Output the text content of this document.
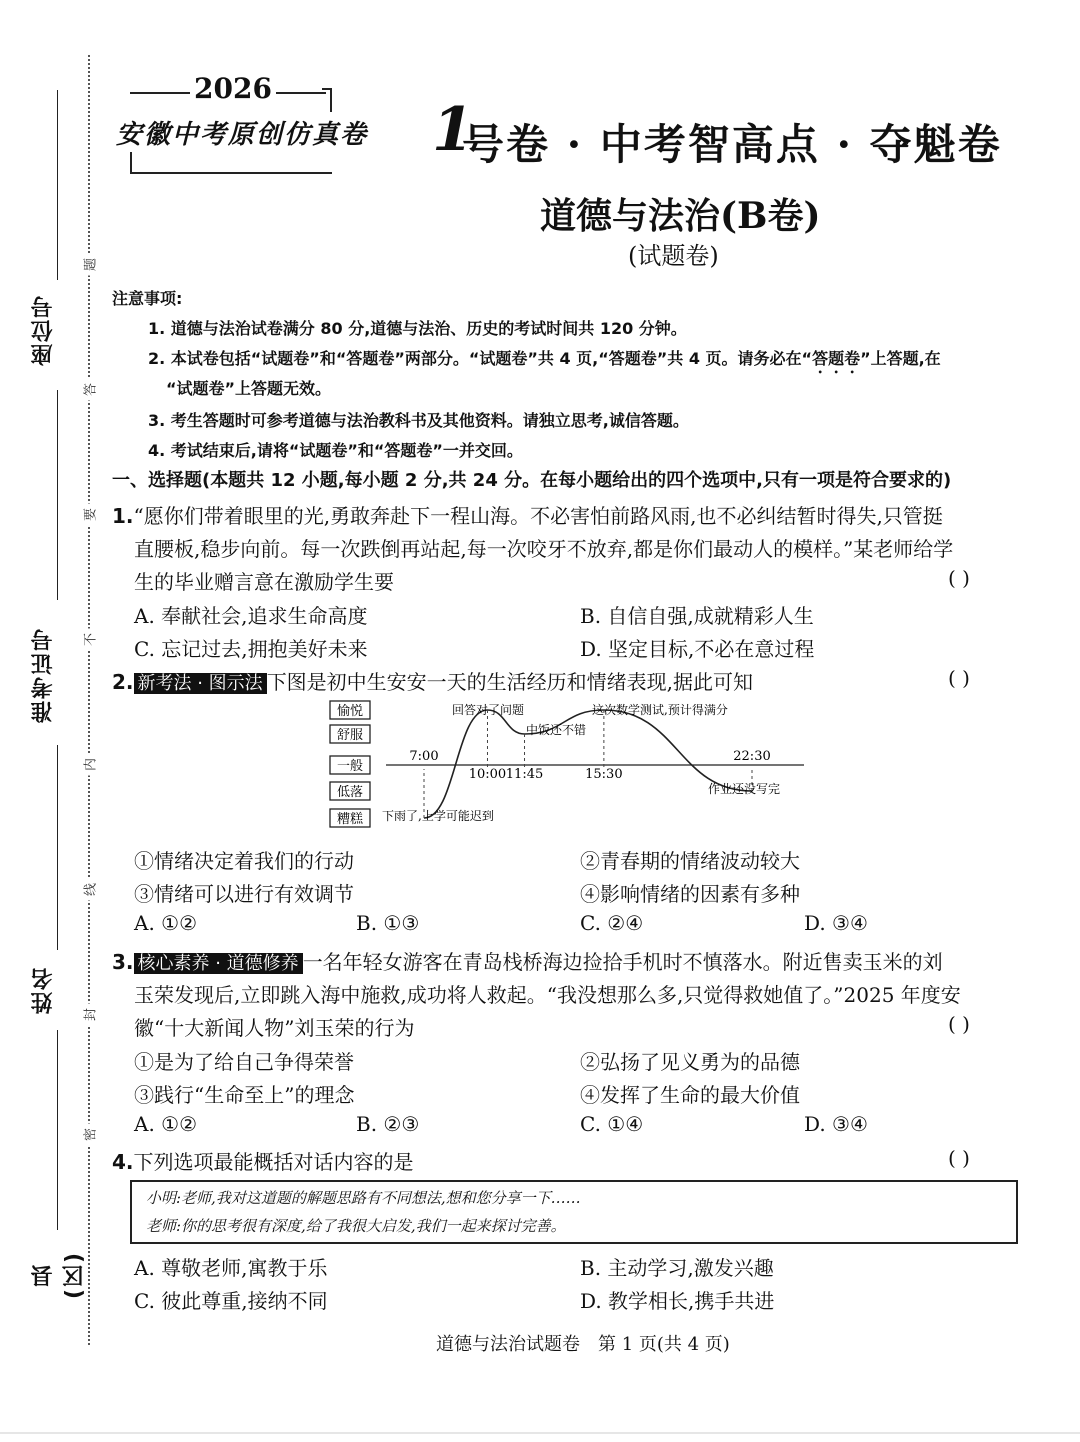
座位号
准考证号
姓名
县(区)
题
答
要
不
内
线
封
密
2026
安徽中考原创仿真卷 1
号卷 · 中考智高点 · 夺魁卷
道德与法治(B卷)
(试题卷)
注意事项:
1. 道德与法治试卷满分 80 分,道德与法治、历史的考试时间共 120 分钟。
2. 本试卷包括“试题卷”和“答题卷”两部分。“试题卷”共 4 页,“答题卷”共 4 页。请务必在“答题卷”上答题,在
“试题卷”上答题无效。
3. 考生答题时可参考道德与法治教科书及其他资料。请独立思考,诚信答题。
4. 考试结束后,请将“试题卷”和“答题卷”一并交回。
一、选择题(本题共 12 小题,每小题 2 分,共 24 分。在每小题给出的四个选项中,只有一项是符合要求的)
1.“愿你们带着眼里的光,勇敢奔赴下一程山海。不必害怕前路风雨,也不必纠结暂时得失,只管挺
直腰板,稳步向前。每一次跌倒再站起,每一次咬牙不放弃,都是你们最动人的模样。”某老师给学
生的毕业赠言意在激励学生要	( )
A. 奉献社会,追求生命高度	B. 自信自强,成就精彩人生
C. 忘记过去,拥抱美好未来	D. 坚定目标,不必在意过程
2. 新考法 · 图示法 下图是初中生安安一天的生活经历和情绪表现,据此可知	( )
愉悦
舒服
一般
低落
糟糕
7:00
10:00 11:45	15:30
22:30
回答对了问题
中饭还不错
这次数学测试,预计得满分
下雨了,上学可能迟到
作业还没写完
①情绪决定着我们的行动	②青春期的情绪波动较大
③情绪可以进行有效调节	④影响情绪的因素有多种
A. ①②	B. ①③	C. ②④	D. ③④
3. 核心素养 · 道德修养 一名年轻女游客在青岛栈桥海边捡拾手机时不慎落水。附近售卖玉米的刘
玉荣发现后,立即跳入海中施救,成功将人救起。“我没想那么多,只觉得救她值了。”2025 年度安
徽“十大新闻人物”刘玉荣的行为	( )
①是为了给自己争得荣誉	②弘扬了见义勇为的品德
③践行“生命至上”的理念	④发挥了生命的最大价值
A. ①②	B. ②③	C. ①④	D. ③④
4.下列选项最能概括对话内容的是	( )
小明:老师,我对这道题的解题思路有不同想法,想和您分享一下……
老师:你的思考很有深度,给了我很大启发,我们一起来探讨完善。
A. 尊敬老师,寓教于乐	B. 主动学习,激发兴趣
C. 彼此尊重,接纳不同	D. 教学相长,携手共进
道德与法治试题卷　第 1 页(共 4 页)
